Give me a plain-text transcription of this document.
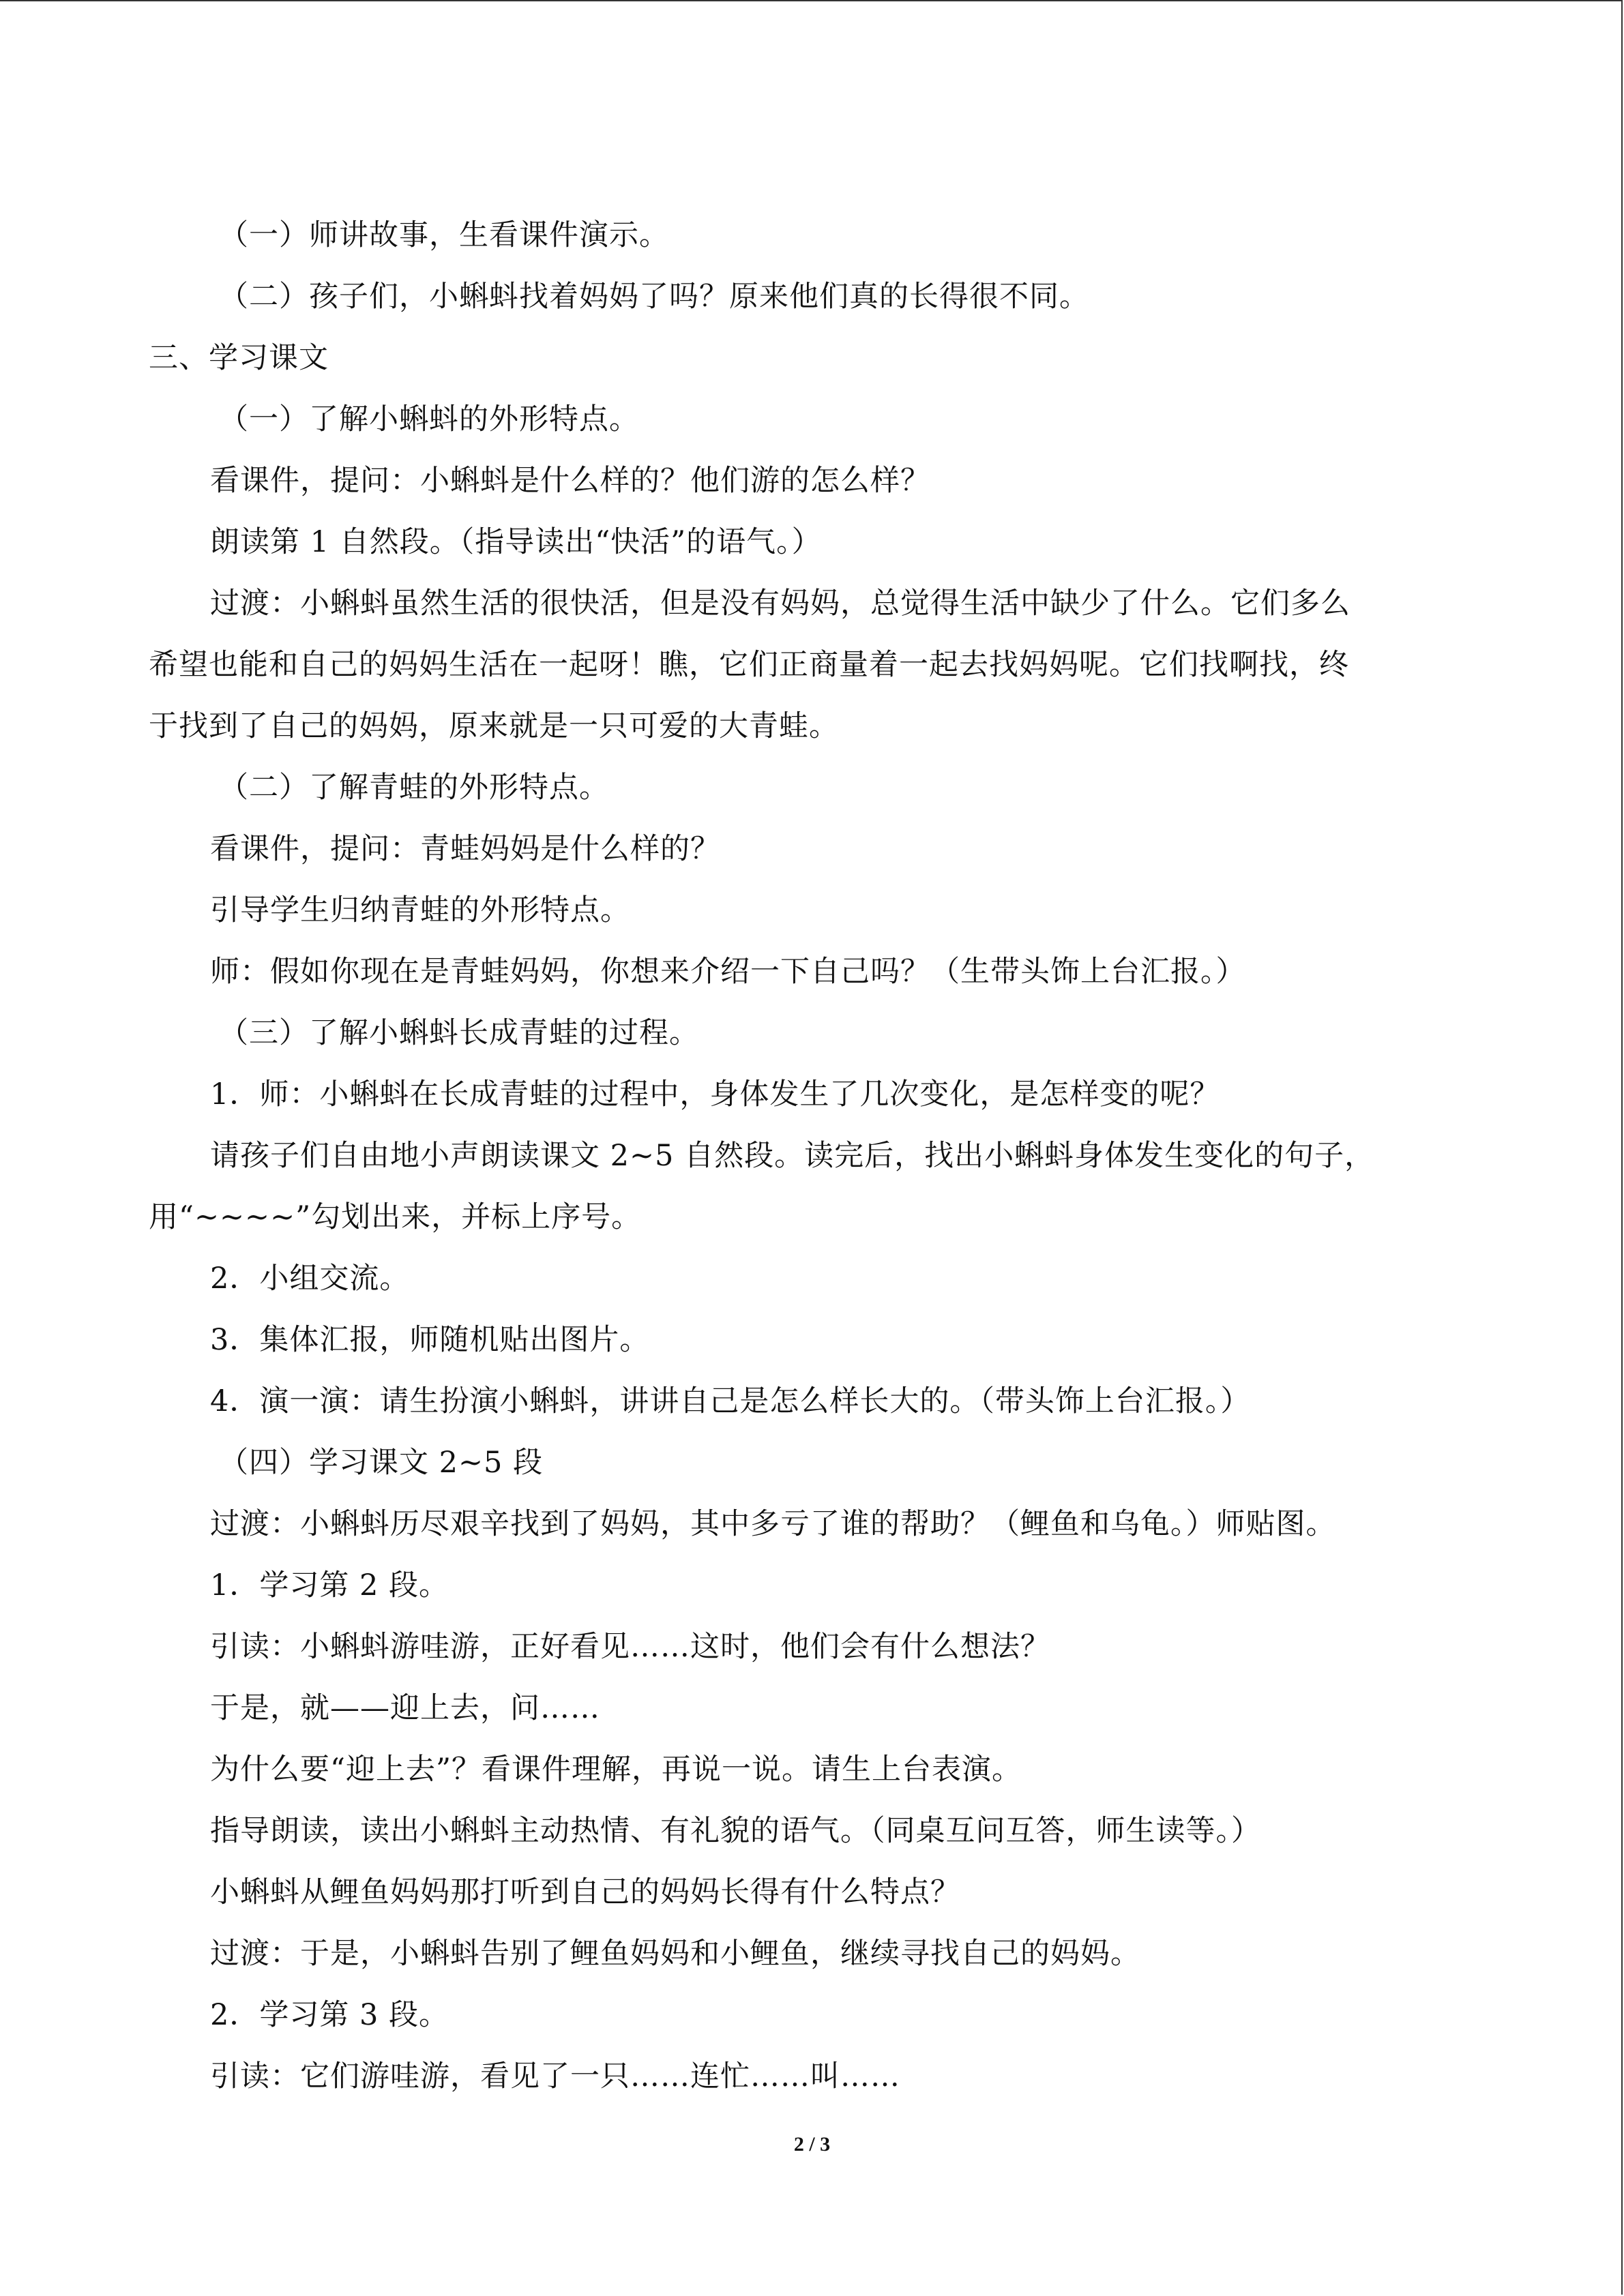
（一）师讲故事，生看课件演示。
（二）孩子们，小蝌蚪找着妈妈了吗？原来他们真的长得很不同。
三、学习课文
（一）了解小蝌蚪的外形特点。
看课件，提问：小蝌蚪是什么样的？他们游的怎么样？
朗读第 1 自然段。（指导读出“快活”的语气。）
过渡：小蝌蚪虽然生活的很快活，但是没有妈妈，总觉得生活中缺少了什么。它们多么
希望也能和自己的妈妈生活在一起呀！瞧，它们正商量着一起去找妈妈呢。它们找啊找，终
于找到了自己的妈妈，原来就是一只可爱的大青蛙。
（二）了解青蛙的外形特点。
看课件，提问：青蛙妈妈是什么样的？
引导学生归纳青蛙的外形特点。
师：假如你现在是青蛙妈妈，你想来介绍一下自己吗？（生带头饰上台汇报。）
（三）了解小蝌蚪长成青蛙的过程。
1．师：小蝌蚪在长成青蛙的过程中，身体发生了几次变化，是怎样变的呢？
请孩子们自由地小声朗读课文 2~5 自然段。读完后，找出小蝌蚪身体发生变化的句子，
用“~~~~”勾划出来，并标上序号。
2．小组交流。
3．集体汇报，师随机贴出图片。
4．演一演：请生扮演小蝌蚪，讲讲自己是怎么样长大的。（带头饰上台汇报。）
（四）学习课文 2~5 段
过渡：小蝌蚪历尽艰辛找到了妈妈，其中多亏了谁的帮助？（鲤鱼和乌龟。）师贴图。
1．学习第 2 段。
引读：小蝌蚪游哇游，正好看见……这时，他们会有什么想法？
于是，就——迎上去，问……
为什么要“迎上去”？看课件理解，再说一说。请生上台表演。
指导朗读，读出小蝌蚪主动热情、有礼貌的语气。（同桌互问互答，师生读等。）
小蝌蚪从鲤鱼妈妈那打听到自己的妈妈长得有什么特点？
过渡：于是，小蝌蚪告别了鲤鱼妈妈和小鲤鱼，继续寻找自己的妈妈。
2．学习第 3 段。
引读：它们游哇游，看见了一只……连忙……叫……
2 / 3
